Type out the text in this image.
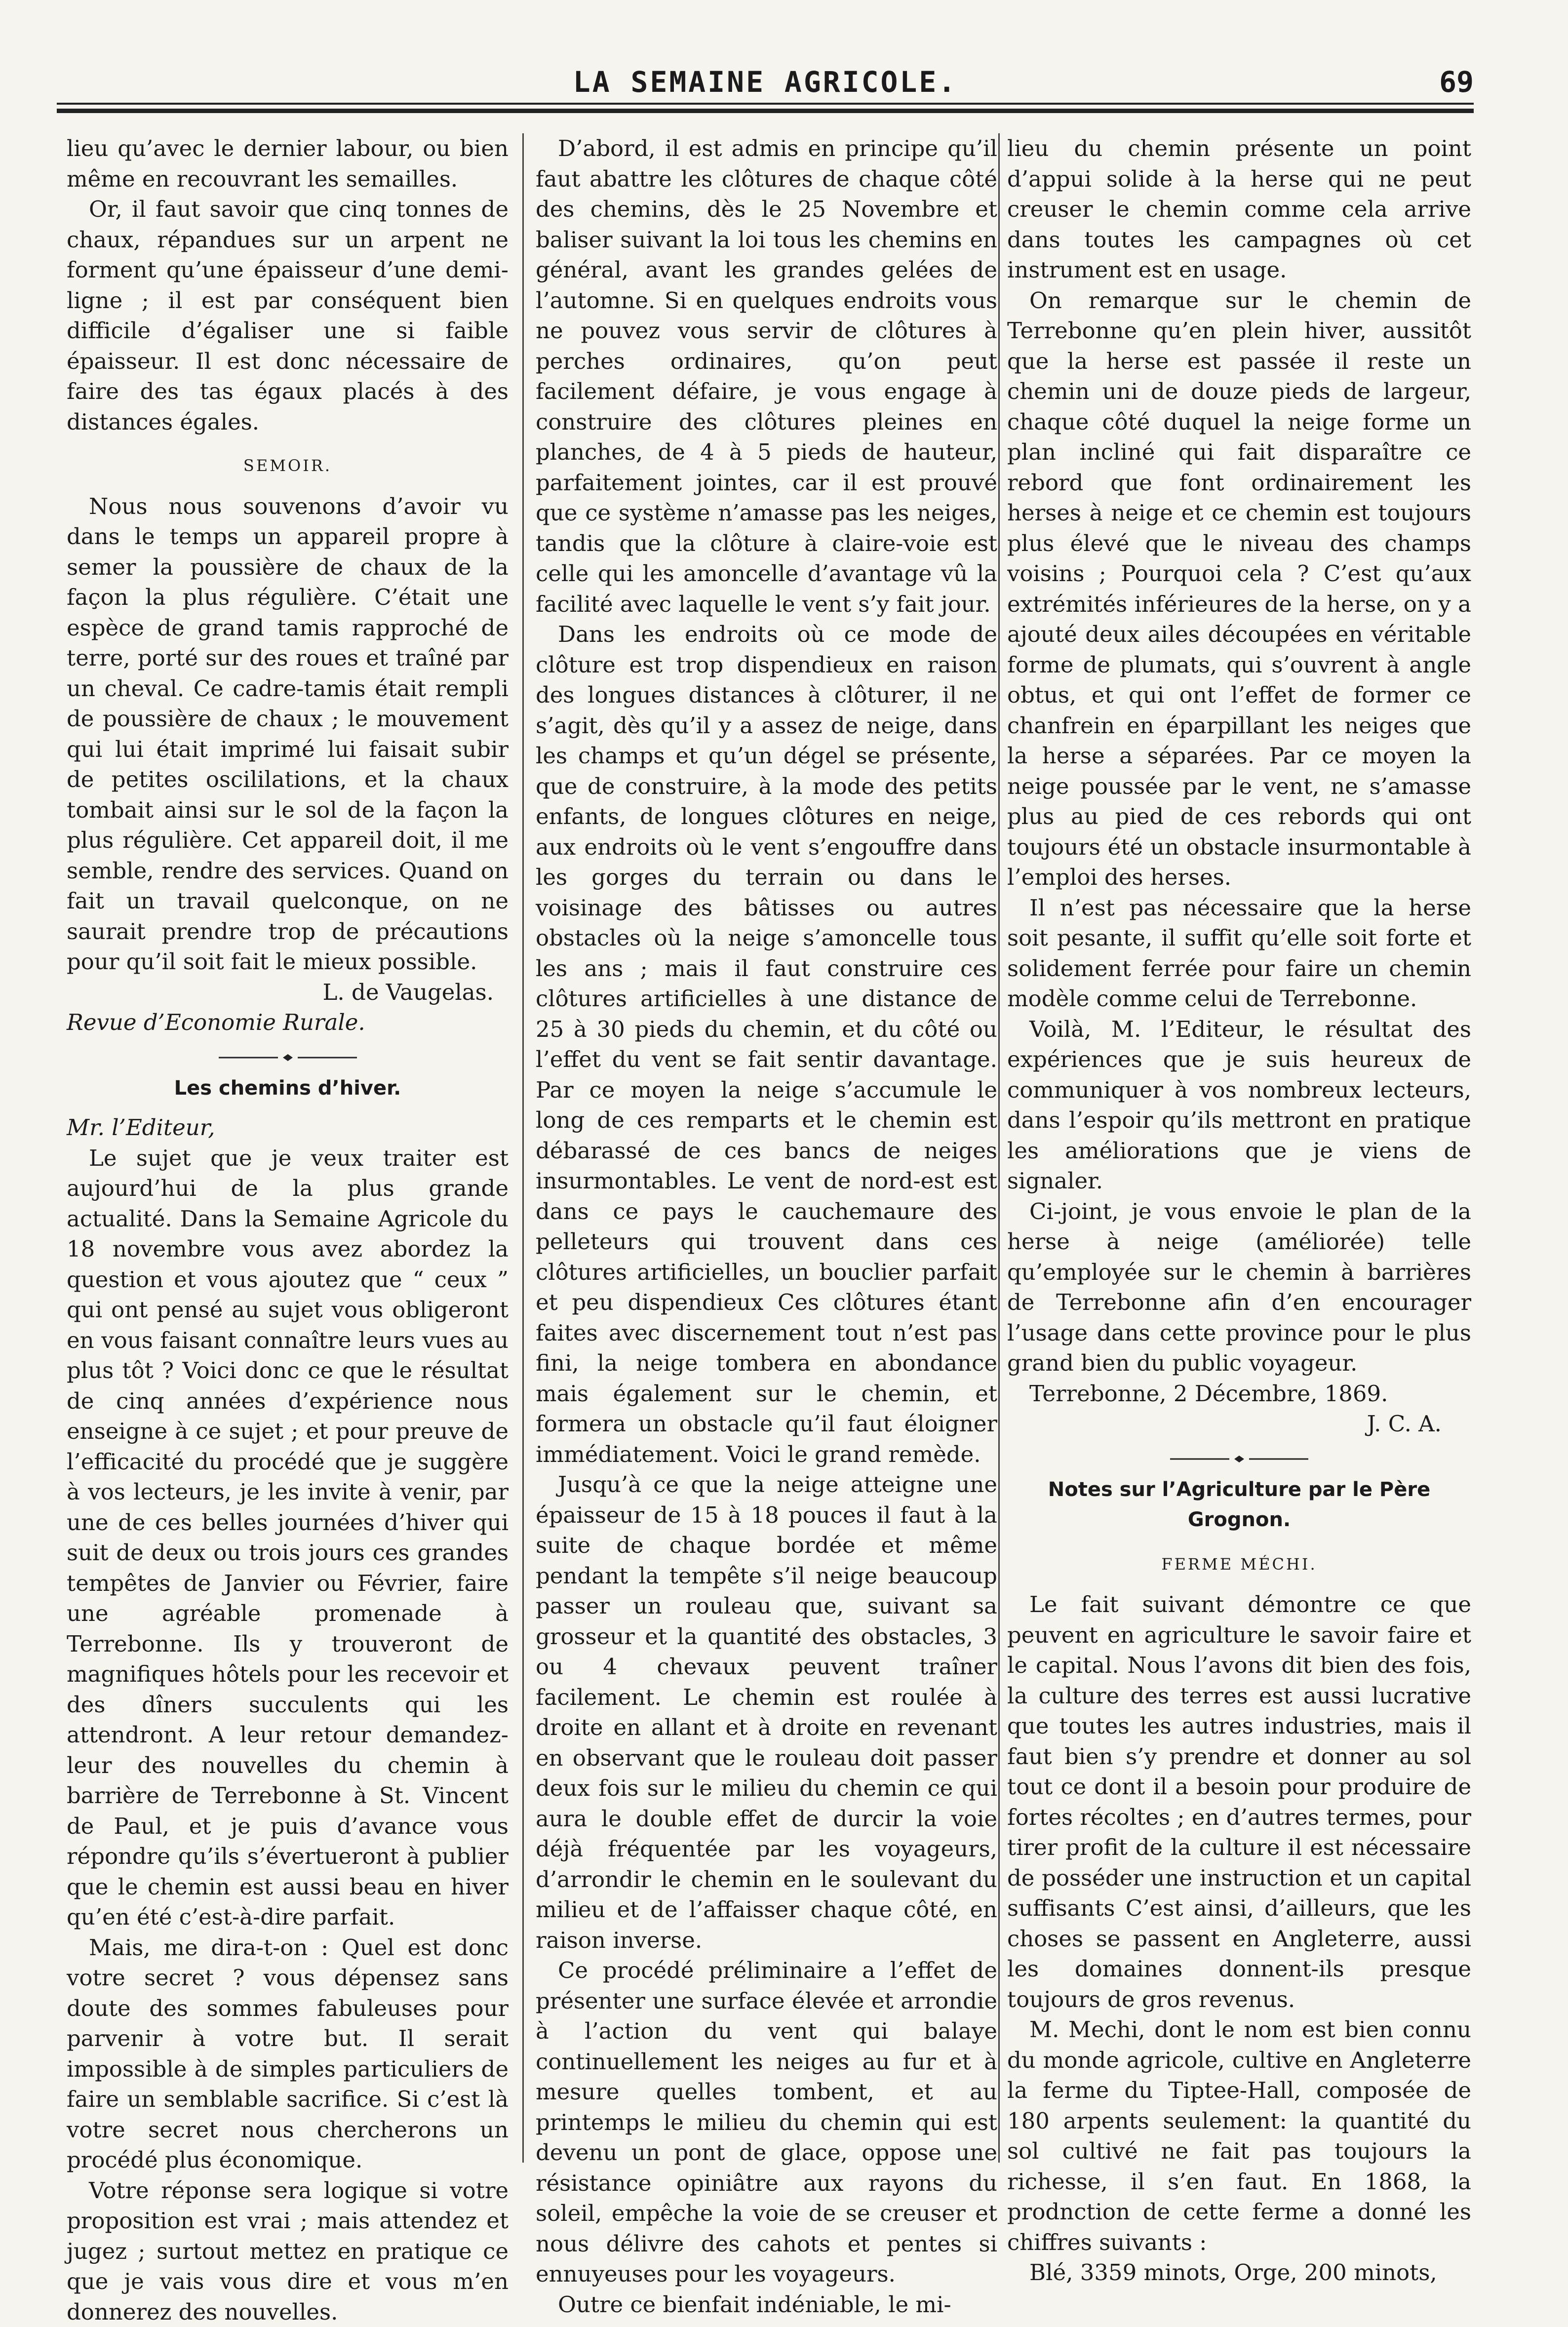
LA SEMAINE AGRICOLE.	69

lieu qu’avec le dernier labour, ou bien même en recouvrant les semailles.

Or, il faut savoir que cinq tonnes de chaux, répandues sur un arpent ne forment qu’une épaisseur d’une demi-ligne ; il est par conséquent bien difficile d’égaliser une si faible épaisseur. Il est donc nécessaire de faire des tas égaux placés à des distances égales.

SEMOIR.

Nous nous souvenons d’avoir vu dans le temps un appareil propre à semer la poussière de chaux de la façon la plus régulière. C’était une espèce de grand tamis rapproché de terre, porté sur des roues et traîné par un cheval. Ce cadre-tamis était rempli de poussière de chaux ; le mouvement qui lui était imprimé lui faisait subir de petites oscililations, et la chaux tombait ainsi sur le sol de la façon la plus régulière. Cet appareil doit, il me semble, rendre des services. Quand on fait un travail quelconque, on ne saurait prendre trop de précautions pour qu’il soit fait le mieux possible.

L. de Vaugelas.

Revue d’Economie Rurale.

Les chemins d’hiver.

Mr. l’Editeur,

Le sujet que je veux traiter est aujourd’hui de la plus grande actualité. Dans la Semaine Agricole du 18 novembre vous avez abordez la question et vous ajoutez que “ ceux ” qui ont pensé au sujet vous obligeront en vous faisant connaître leurs vues au plus tôt ? Voici donc ce que le résultat de cinq années d’expérience nous enseigne à ce sujet ; et pour preuve de l’efficacité du procédé que je suggère à vos lecteurs, je les invite à venir, par une de ces belles journées d’hiver qui suit de deux ou trois jours ces grandes tempêtes de Janvier ou Février, faire une agréable promenade à Terrebonne. Ils y trouveront de magnifiques hôtels pour les recevoir et des dîners succulents qui les attendront. A leur retour demandez-leur des nouvelles du chemin à barrière de Terrebonne à St. Vincent de Paul, et je puis d’avance vous répondre qu’ils s’évertueront à publier que le chemin est aussi beau en hiver qu’en été c’est-à-dire parfait.

Mais, me dira-t-on : Quel est donc votre secret ? vous dépensez sans doute des sommes fabuleuses pour parvenir à votre but. Il serait impossible à de simples particuliers de faire un semblable sacrifice. Si c’est là votre secret nous chercherons un procédé plus économique.

Votre réponse sera logique si votre proposition est vrai ; mais attendez et jugez ; surtout mettez en pratique ce que je vais vous dire et vous m’en donnerez des nouvelles.

D’abord, il est admis en principe qu’il faut abattre les clôtures de chaque côté des chemins, dès le 25 Novembre et baliser suivant la loi tous les chemins en général, avant les grandes gelées de l’automne. Si en quelques endroits vous ne pouvez vous servir de clôtures à perches ordinaires, qu’on peut facilement défaire, je vous engage à construire des clôtures pleines en planches, de 4 à 5 pieds de hauteur, parfaitement jointes, car il est prouvé que ce système n’amasse pas les neiges, tandis que la clôture à claire-voie est celle qui les amoncelle d’avantage vû la facilité avec laquelle le vent s’y fait jour.

Dans les endroits où ce mode de clôture est trop dispendieux en raison des longues distances à clôturer, il ne s’agit, dès qu’il y a assez de neige, dans les champs et qu’un dégel se présente, que de construire, à la mode des petits enfants, de longues clôtures en neige, aux endroits où le vent s’engouffre dans les gorges du terrain ou dans le voisinage des bâtisses ou autres obstacles où la neige s’amoncelle tous les ans ; mais il faut construire ces clôtures artificielles à une distance de 25 à 30 pieds du chemin, et du côté ou l’effet du vent se fait sentir davantage. Par ce moyen la neige s’accumule le long de ces remparts et le chemin est débarassé de ces bancs de neiges insurmontables. Le vent de nord-est est dans ce pays le cauchemaure des pelleteurs qui trouvent dans ces clôtures artificielles, un bouclier parfait et peu dispendieux Ces clôtures étant faites avec discernement tout n’est pas fini, la neige tombera en abondance mais également sur le chemin, et formera un obstacle qu’il faut éloigner immédiatement. Voici le grand remède.

Jusqu’à ce que la neige atteigne une épaisseur de 15 à 18 pouces il faut à la suite de chaque bordée et même pendant la tempête s’il neige beaucoup passer un rouleau que, suivant sa grosseur et la quantité des obstacles, 3 ou 4 chevaux peuvent traîner facilement. Le chemin est roulée à droite en allant et à droite en revenant en observant que le rouleau doit passer deux fois sur le milieu du chemin ce qui aura le double effet de durcir la voie déjà fréquentée par les voyageurs, d’arrondir le chemin en le soulevant du milieu et de l’affaisser chaque côté, en raison inverse.

Ce procédé préliminaire a l’effet de présenter une surface élevée et arrondie à l’action du vent qui balaye continuellement les neiges au fur et à mesure quelles tombent, et au printemps le milieu du chemin qui est devenu un pont de glace, oppose une résistance opiniâtre aux rayons du soleil, empêche la voie de se creuser et nous délivre des cahots et pentes si ennuyeuses pour les voyageurs.

Outre ce bienfait indéniable, le mi-

lieu du chemin présente un point d’appui solide à la herse qui ne peut creuser le chemin comme cela arrive dans toutes les campagnes où cet instrument est en usage.

On remarque sur le chemin de Terrebonne qu’en plein hiver, aussitôt que la herse est passée il reste un chemin uni de douze pieds de largeur, chaque côté duquel la neige forme un plan incliné qui fait disparaître ce rebord que font ordinairement les herses à neige et ce chemin est toujours plus élevé que le niveau des champs voisins ; Pourquoi cela ? C’est qu’aux extrémités inférieures de la herse, on y a ajouté deux ailes découpées en véritable forme de plumats, qui s’ouvrent à angle obtus, et qui ont l’effet de former ce chanfrein en éparpillant les neiges que la herse a séparées. Par ce moyen la neige poussée par le vent, ne s’amasse plus au pied de ces rebords qui ont toujours été un obstacle insurmontable à l’emploi des herses.

Il n’est pas nécessaire que la herse soit pesante, il suffit qu’elle soit forte et solidement ferrée pour faire un chemin modèle comme celui de Terrebonne.

Voilà, M. l’Editeur, le résultat des expériences que je suis heureux de communiquer à vos nombreux lecteurs, dans l’espoir qu’ils mettront en pratique les améliorations que je viens de signaler.

Ci-joint, je vous envoie le plan de la herse à neige (améliorée) telle qu’employée sur le chemin à barrières de Terrebonne afin d’en encourager l’usage dans cette province pour le plus grand bien du public voyageur.

Terrebonne, 2 Décembre, 1869.

J. C. A.

Notes sur l’Agriculture par le Père Grognon.
FERME MÉCHI.

Le fait suivant démontre ce que peuvent en agriculture le savoir faire et le capital. Nous l’avons dit bien des fois, la culture des terres est aussi lucrative que toutes les autres industries, mais il faut bien s’y prendre et donner au sol tout ce dont il a besoin pour produire de fortes récoltes ; en d’autres termes, pour tirer profit de la culture il est nécessaire de posséder une instruction et un capital suffisants C’est ainsi, d’ailleurs, que les choses se passent en Angleterre, aussi les domaines donnent-ils presque toujours de gros revenus.

M. Mechi, dont le nom est bien connu du monde agricole, cultive en Angleterre la ferme du Tiptee-Hall, composée de 180 arpents seulement: la quantité du sol cultivé ne fait pas toujours la richesse, il s’en faut. En 1868, la prodnction de cette ferme a donné les chiffres suivants :

Blé, 3359 minots, Orge, 200 minots,
